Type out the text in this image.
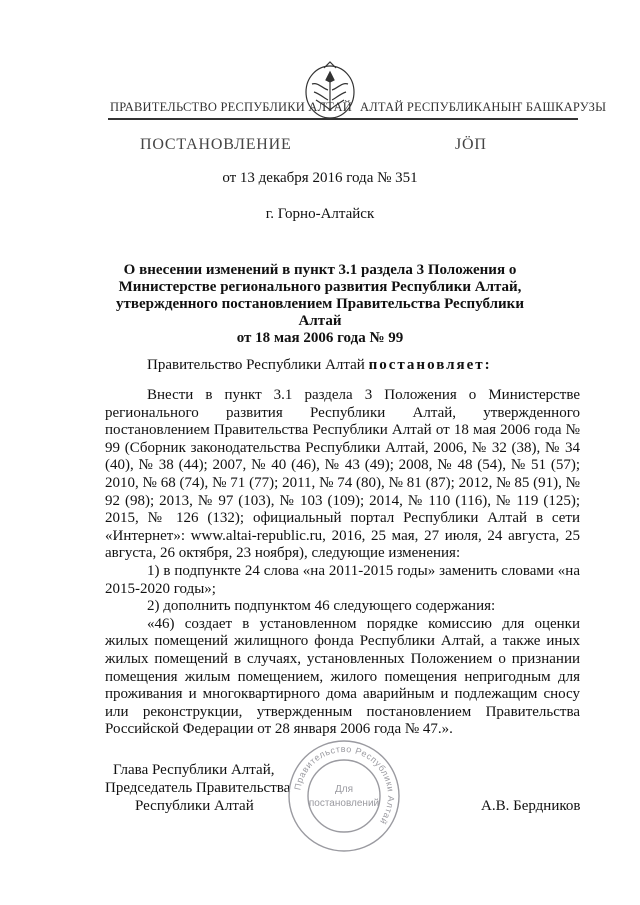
ПРАВИТЕЛЬСТВО РЕСПУБЛИКИ АЛТАЙ АЛТАЙ РЕСПУБЛИКАНЫҤ БАШКАРУЗЫ
ПОСТАНОВЛЕНИЕ	ЈӦП
от 13 декабря 2016 года № 351
г. Горно-Алтайск
О внесении изменений в пункт 3.1 раздела 3 Положения о
Министерстве регионального развития Республики Алтай,
утвержденного постановлением Правительства Республики Алтай
от 18 мая 2006 года № 99
Правительство Республики Алтай постановляет:

Внести в пункт 3.1 раздела 3 Положения о Министерстве регионального развития Республики Алтай, утвержденного постановлением Правительства Республики Алтай от 18 мая 2006 года № 99 (Сборник законодательства Республики Алтай, 2006, № 32 (38), № 34 (40), № 38 (44); 2007, № 40 (46), № 43 (49); 2008, № 48 (54), № 51 (57); 2010, № 68 (74), № 71 (77); 2011, № 74 (80), № 81 (87); 2012, № 85 (91), № 92 (98); 2013, № 97 (103), № 103 (109); 2014, № 110 (116), № 119 (125); 2015, № 126 (132); официальный портал Республики Алтай в сети «Интернет»: www.altai-republic.ru, 2016, 25 мая, 27 июля, 24 августа, 25 августа, 26 октября, 23 ноября), следующие изменения:

1) в подпункте 24 слова «на 2011-2015 годы» заменить словами «на 2015-2020 годы»;

2) дополнить подпунктом 46 следующего содержания:

«46) создает в установленном порядке комиссию для оценки жилых помещений жилищного фонда Республики Алтай, а также иных жилых помещений в случаях, установленных Положением о признании помещения жилым помещением, жилого помещения непригодным для проживания и многоквартирного дома аварийным и подлежащим сносу или реконструкции, утвержденным постановлением Правительства Российской Федерации от 28 января 2006 года № 47.».

Глава Республики Алтай,
Председатель Правительства
Республики Алтай	А.В. Бердников
Правительство Республики Алтай
Для
постановлений
